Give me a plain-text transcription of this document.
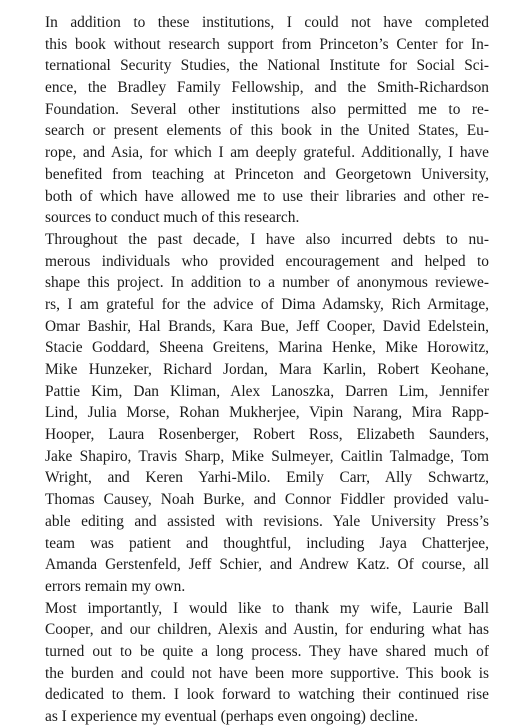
In addition to these institutions, I could not have completed
this book without research support from Princeton’s Center for In-
ternational Security Studies, the National Institute for Social Sci-
ence, the Bradley Family Fellowship, and the Smith-Richardson
Foundation. Several other institutions also permitted me to re-
search or present elements of this book in the United States, Eu-
rope, and Asia, for which I am deeply grateful. Additionally, I have
benefited from teaching at Princeton and Georgetown University,
both of which have allowed me to use their libraries and other re-
sources to conduct much of this research.
Throughout the past decade, I have also incurred debts to nu-
merous individuals who provided encouragement and helped to
shape this project. In addition to a number of anonymous reviewe-
rs, I am grateful for the advice of Dima Adamsky, Rich Armitage,
Omar Bashir, Hal Brands, Kara Bue, Jeff Cooper, David Edelstein,
Stacie Goddard, Sheena Greitens, Marina Henke, Mike Horowitz,
Mike Hunzeker, Richard Jordan, Mara Karlin, Robert Keohane,
Pattie Kim, Dan Kliman, Alex Lanoszka, Darren Lim, Jennifer
Lind, Julia Morse, Rohan Mukherjee, Vipin Narang, Mira Rapp-
Hooper, Laura Rosenberger, Robert Ross, Elizabeth Saunders,
Jake Shapiro, Travis Sharp, Mike Sulmeyer, Caitlin Talmadge, Tom
Wright, and Keren Yarhi-Milo. Emily Carr, Ally Schwartz,
Thomas Causey, Noah Burke, and Connor Fiddler provided valu-
able editing and assisted with revisions. Yale University Press’s
team was patient and thoughtful, including Jaya Chatterjee,
Amanda Gerstenfeld, Jeff Schier, and Andrew Katz. Of course, all
errors remain my own.
Most importantly, I would like to thank my wife, Laurie Ball
Cooper, and our children, Alexis and Austin, for enduring what has
turned out to be quite a long process. They have shared much of
the burden and could not have been more supportive. This book is
dedicated to them. I look forward to watching their continued rise
as I experience my eventual (perhaps even ongoing) decline.
